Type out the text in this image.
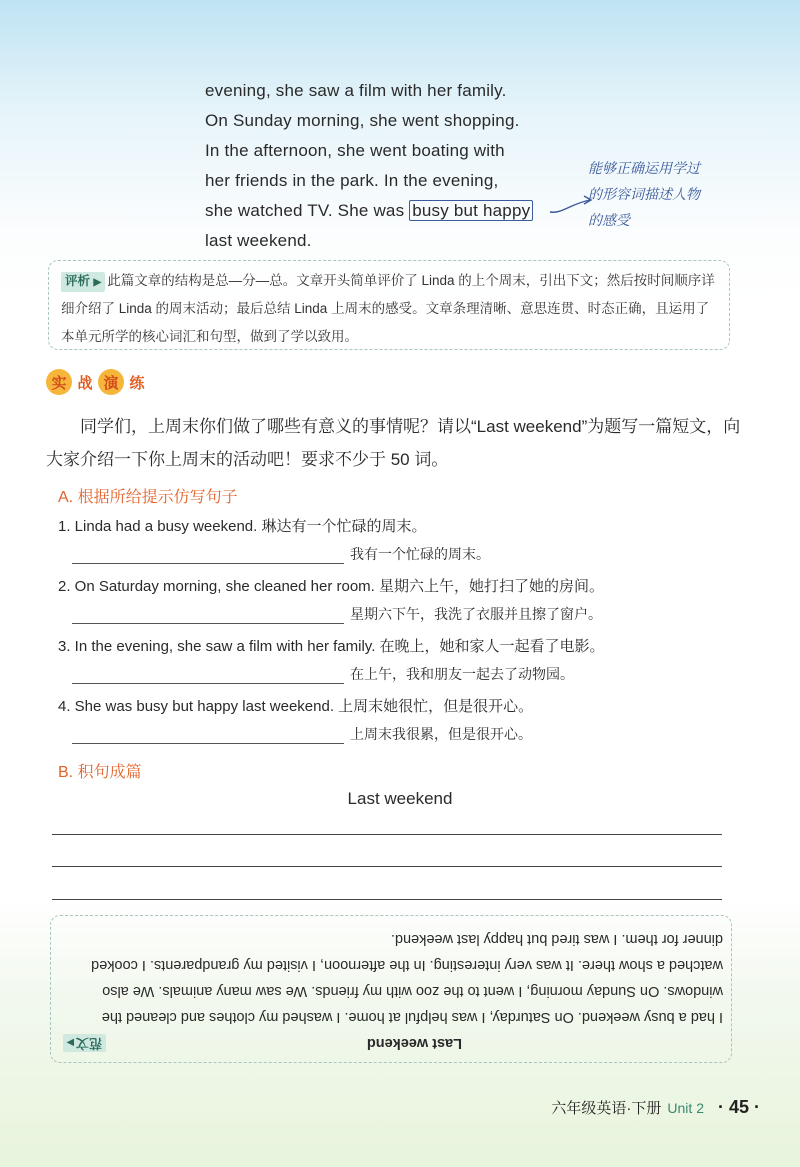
evening, she saw a film with her family.
On Sunday morning, she went shopping.
In the afternoon, she went boating with
her friends in the park. In the evening,
she watched TV. She was busy but happy
last weekend.
能够正确运用学过
的形容词描述人物
的感受
评析 ▶ 此篇文章的结构是总—分—总。文章开头简单评价了 Linda 的上个周末，引出下文；然后按时间顺序详细介绍了 Linda 的周末活动；最后总结 Linda 上周末的感受。文章条理清晰、意思连贯、时态正确，且运用了本单元所学的核心词汇和句型，做到了学以致用。
实 战 演 练
同学们，上周末你们做了哪些有意义的事情呢？请以“Last weekend”为题写一篇短文，向大家介绍一下你上周末的活动吧！要求不少于 50 词。
A. 根据所给提示仿写句子
1. Linda had a busy weekend. 琳达有一个忙碌的周末。
我有一个忙碌的周末。
2. On Saturday morning, she cleaned her room. 星期六上午，她打扫了她的房间。
星期六下午，我洗了衣服并且擦了窗户。
3. In the evening, she saw a film with her family. 在晚上，她和家人一起看了电影。
在上午，我和朋友一起去了动物园。
4. She was busy but happy last weekend. 上周末她很忙，但是很开心。
上周末我很累，但是很开心。
B. 积句成篇
Last weekend
Last weekend
范文
▶
I had a busy weekend. On Saturday, I was helpful at home. I washed my clothes and cleaned the windows. On Sunday morning, I went to the zoo with my friends. We saw many animals. We also watched a show there. It was very interesting. In the afternoon, I visited my grandparents. I cooked dinner for them. I was tired but happy last weekend.
六年级英语·下册 Unit 2 · 45 ·
